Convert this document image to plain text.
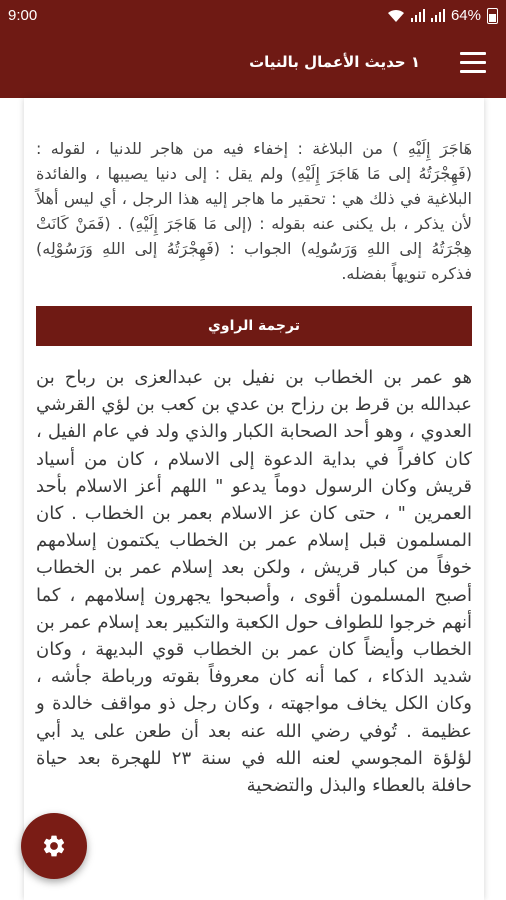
9:00	64%
١ حديث الأعمال بالنيات
هَاجَرَ إِلَيْهِ ) من البلاغة : إخفاء فيه من هاجر للدنيا ، لقوله : (فَهِجْرَتُهُ إلى مَا هَاجَرَ إِلَيْهِ) ولم يقل : إلى دنيا يصيبها ، والفائدة البلاغية في ذلك هي : تحقير ما هاجر إليه هذا الرجل ، أي ليس أهلاً لأن يذكر ، بل يكنى عنه بقوله : (إلى مَا هَاجَرَ إِلَيْهِ) . (فَمَنْ كَانَتْ هِجْرَتُهُ إلى اللهِ وَرَسُولِه) الجواب : (فَهِجْرَتُهُ إلى اللهِ وَرَسُوْلِه) فذكره تنويهاً بفضله.
ترجمة الراوي
هو عمر بن الخطاب بن نفيل بن عبدالعزى بن رباح بن عبدالله بن قرط بن رزاح بن عدي بن كعب بن لؤي القرشي العدوي ، وهو أحد الصحابة الكبار والذي ولد في عام الفيل ، كان كافراً في بداية الدعوة إلى الاسلام ، كان من أسياد قريش وكان الرسول دوماً يدعو " اللهم أعز الاسلام بأحد العمرين " ، حتى كان عز الاسلام بعمر بن الخطاب . كان المسلمون قبل إسلام عمر بن الخطاب يكتمون إسلامهم خوفاً من كبار قريش ، ولكن بعد إسلام عمر بن الخطاب أصبح المسلمون أقوى ، وأصبحوا يجهرون إسلامهم ، كما أنهم خرجوا للطواف حول الكعبة والتكبير بعد إسلام عمر بن الخطاب وأيضاً كان عمر بن الخطاب قوي البديهة ، وكان شديد الذكاء ، كما أنه كان معروفاً بقوته ورباطة جأشه ، وكان الكل يخاف مواجهته ، وكان رجل ذو مواقف خالدة و عظيمة . تُوفي رضي الله عنه بعد أن طعن على يد أبي لؤلؤة المجوسي لعنه الله في سنة ٢٣ للهجرة بعد حياة حافلة بالعطاء والبذل والتضحية
